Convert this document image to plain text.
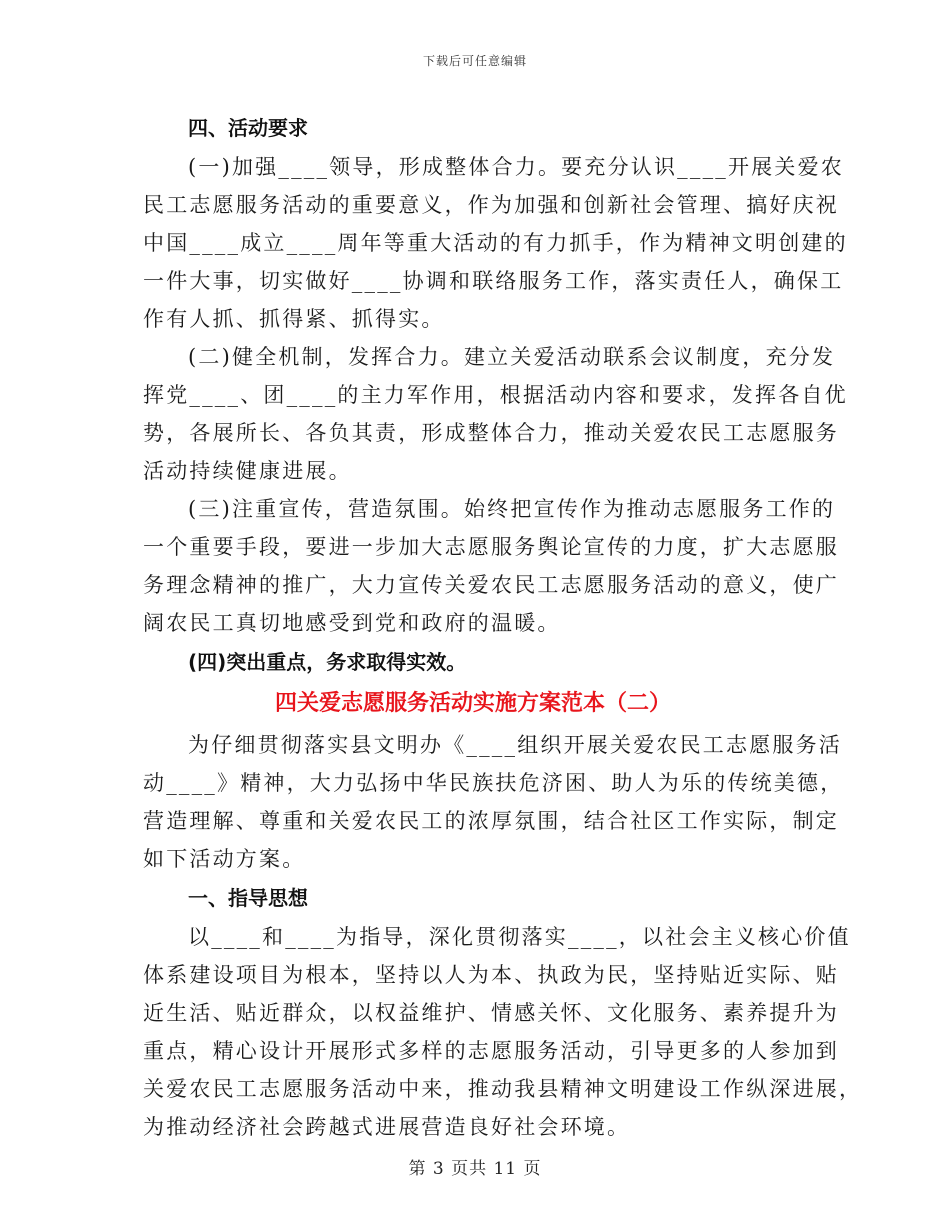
下载后可任意编辑
四、活动要求
(一)加强____领导，形成整体合力。要充分认识____开展关爱农
民工志愿服务活动的重要意义，作为加强和创新社会管理、搞好庆祝
中国____成立____周年等重大活动的有力抓手，作为精神文明创建的
一件大事，切实做好____协调和联络服务工作，落实责任人，确保工
作有人抓、抓得紧、抓得实。
(二)健全机制，发挥合力。建立关爱活动联系会议制度，充分发
挥党____、团____的主力军作用，根据活动内容和要求，发挥各自优
势，各展所长、各负其责，形成整体合力，推动关爱农民工志愿服务
活动持续健康进展。
(三)注重宣传，营造氛围。始终把宣传作为推动志愿服务工作的
一个重要手段，要进一步加大志愿服务舆论宣传的力度，扩大志愿服
务理念精神的推广，大力宣传关爱农民工志愿服务活动的意义，使广
阔农民工真切地感受到党和政府的温暖。
(四)突出重点，务求取得实效。
四关爱志愿服务活动实施方案范本（二）
为仔细贯彻落实县文明办《____组织开展关爱农民工志愿服务活
动____》精神，大力弘扬中华民族扶危济困、助人为乐的传统美德，
营造理解、尊重和关爱农民工的浓厚氛围，结合社区工作实际，制定
如下活动方案。
一、指导思想
以____和____为指导，深化贯彻落实____，以社会主义核心价值
体系建设项目为根本，坚持以人为本、执政为民，坚持贴近实际、贴
近生活、贴近群众，以权益维护、情感关怀、文化服务、素养提升为
重点，精心设计开展形式多样的志愿服务活动，引导更多的人参加到
关爱农民工志愿服务活动中来，推动我县精神文明建设工作纵深进展，
为推动经济社会跨越式进展营造良好社会环境。
第 3 页共 11 页
